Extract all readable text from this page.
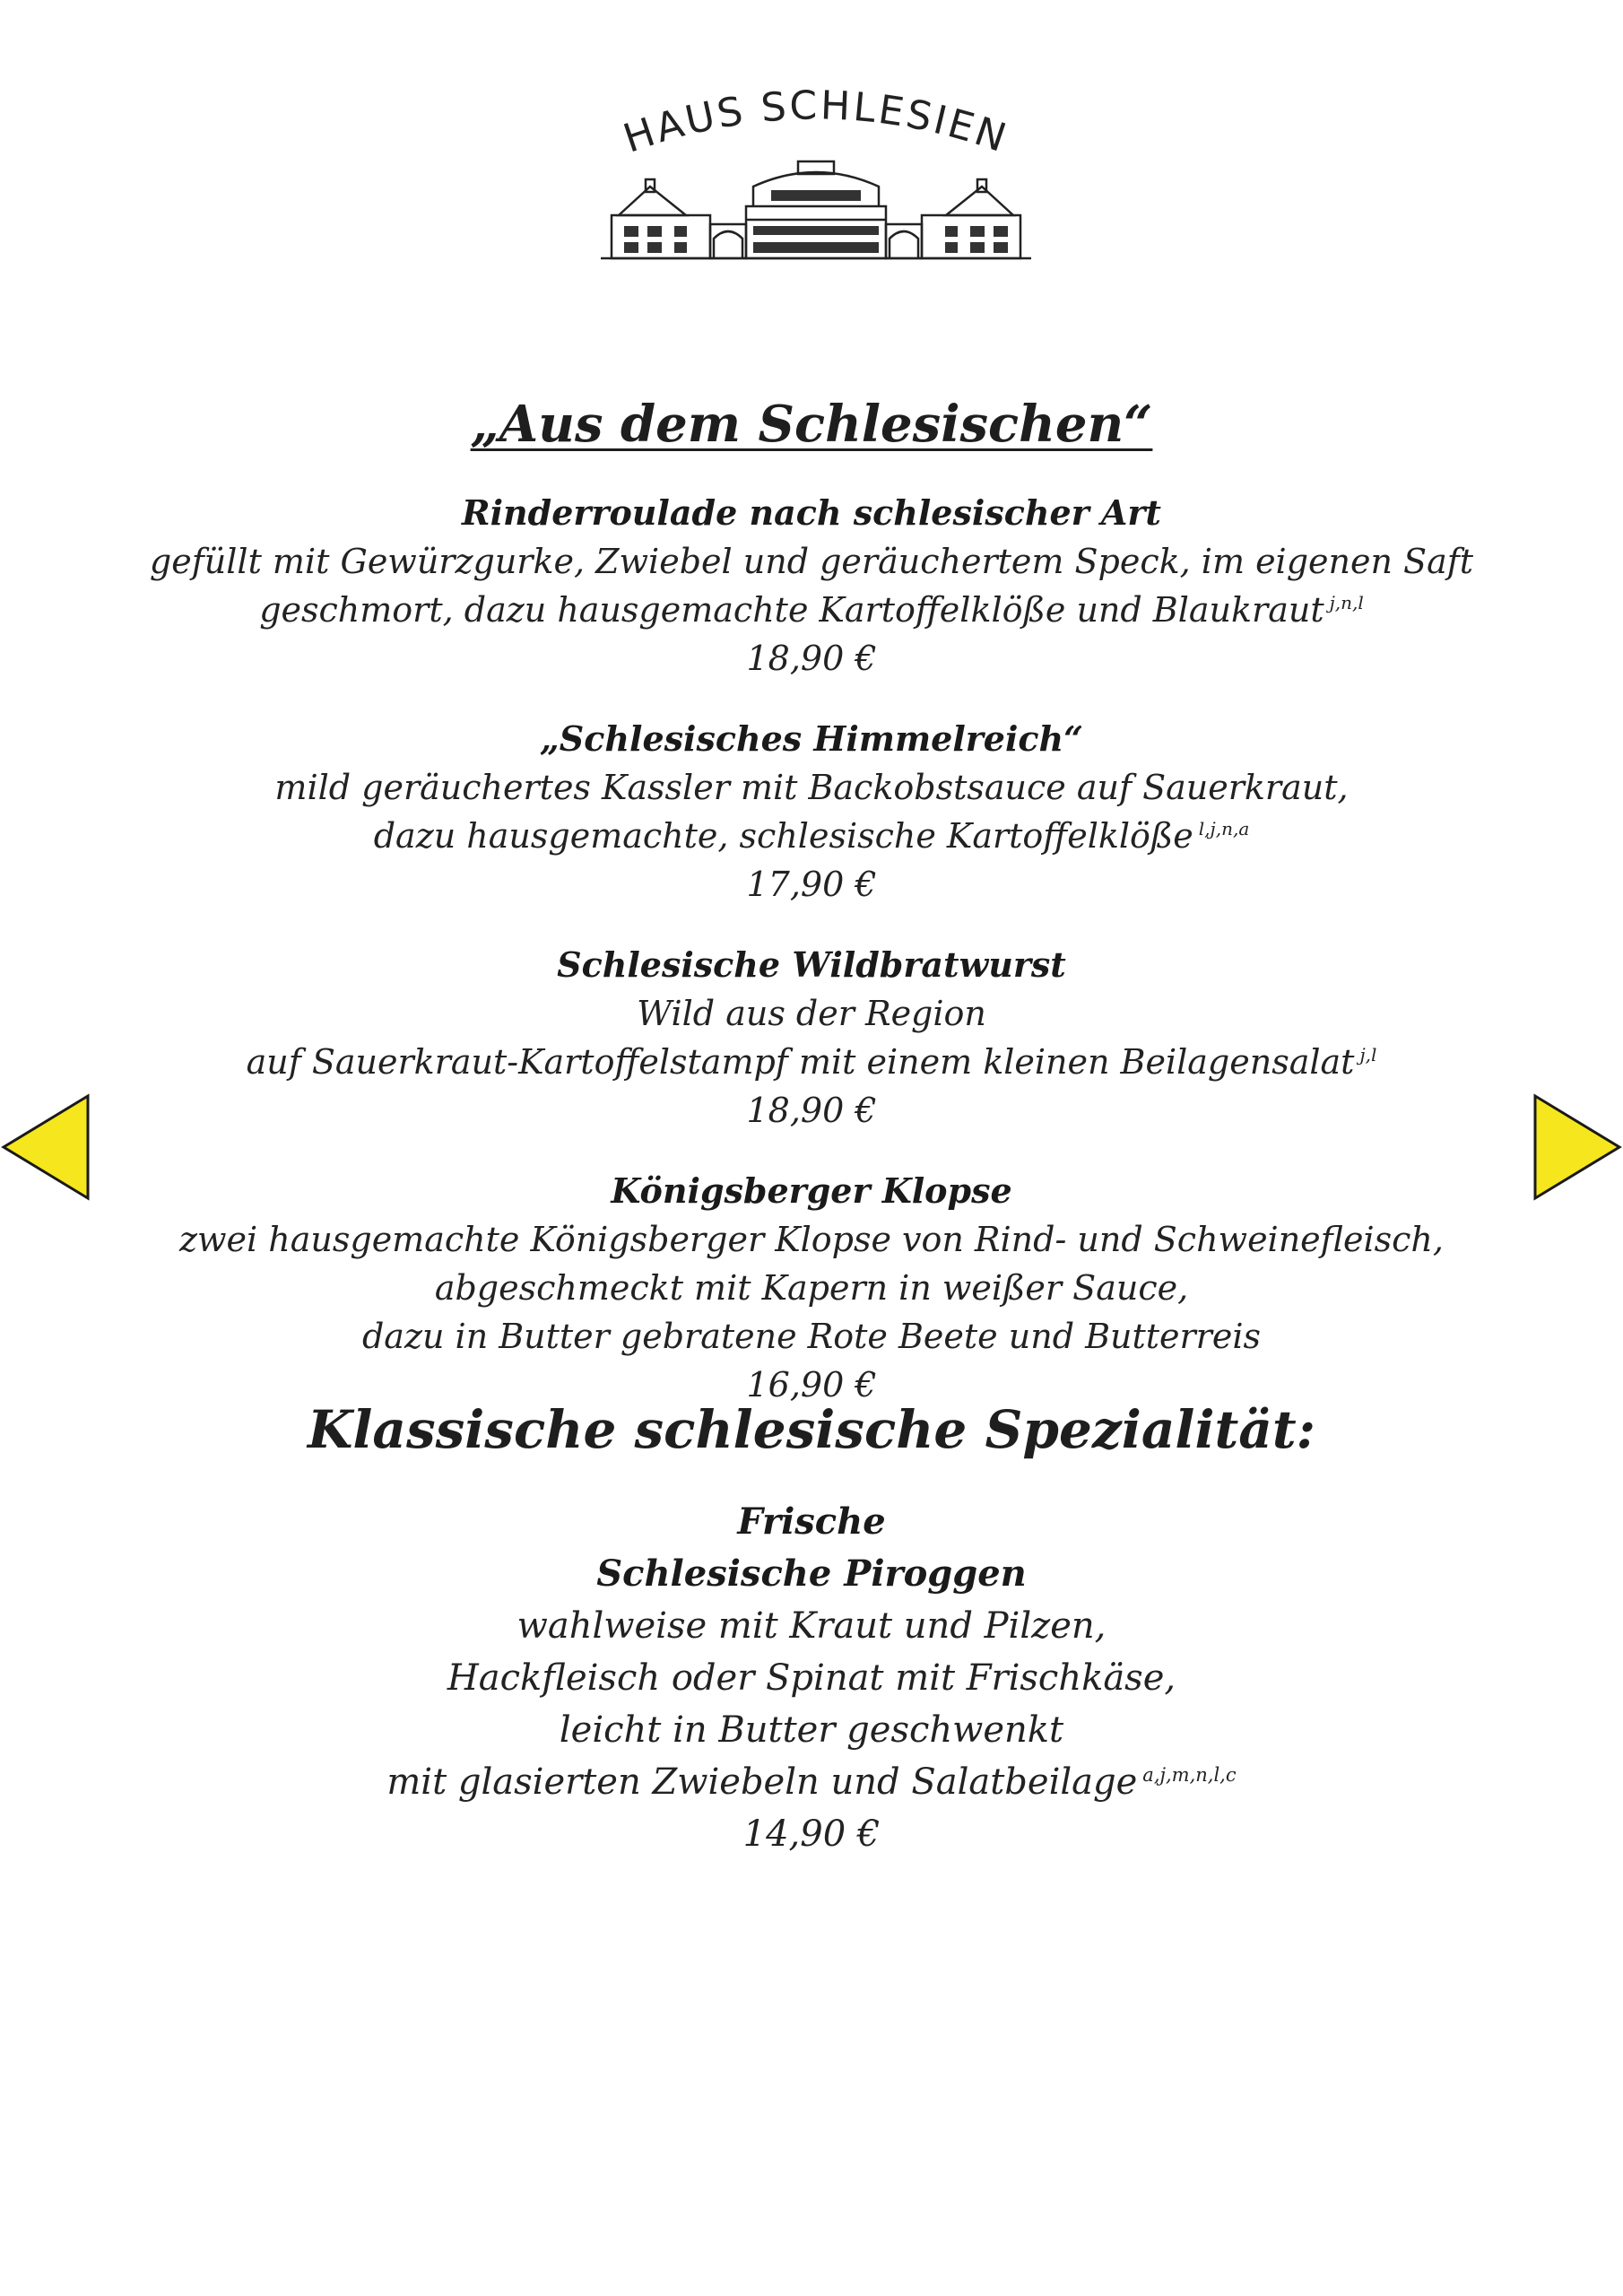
HAUS SCHLESIEN
„Aus dem Schlesischen“
Rinderroulade nach schlesischer Art
gefüllt mit Gewürzgurke, Zwiebel und geräuchertem Speck, im eigenen Saft
geschmort, dazu hausgemachte Kartoffelklöße und Blaukraut $^{j,n,l}$
18,90 €
„Schlesisches Himmelreich“
mild geräuchertes Kassler mit Backobstsauce auf Sauerkraut,
dazu hausgemachte, schlesische Kartoffelklöße $^{l,j,n,a}$
17,90 €
Schlesische Wildbratwurst
Wild aus der Region
auf Sauerkraut-Kartoffelstampf mit einem kleinen Beilagensalat $^{j,l}$
18,90 €
Königsberger Klopse
zwei hausgemachte Königsberger Klopse von Rind- und Schweinefleisch,
abgeschmeckt mit Kapern in weißer Sauce,
dazu in Butter gebratene Rote Beete und Butterreis
16,90 €
Klassische schlesische Spezialität:
Frische
Schlesische Piroggen
wahlweise mit Kraut und Pilzen,
Hackfleisch oder Spinat mit Frischkäse,
leicht in Butter geschwenkt
mit glasierten Zwiebeln und Salatbeilage $^{a,j,m,n,l,c}$
14,90 €
